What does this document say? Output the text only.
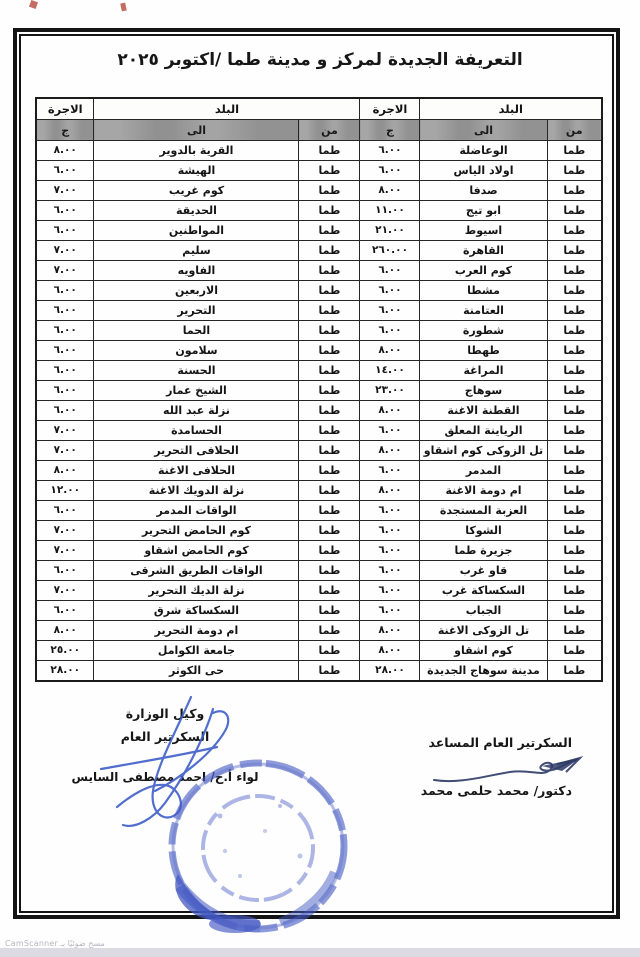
التعريفة الجديدة لمركز و مدينة طما /اكتوبر ٢٠٢٥
البلد		الاجرة	البلد		الاجرة
من	الى	ج	من	الى	ج
طما	الوعاضلة	٦.٠٠	طما	القرية بالدوير	٨.٠٠
طما	اولاد الياس	٦.٠٠	طما	الهيشة	٦.٠٠
طما	صدفا	٨.٠٠	طما	كوم غريب	٧.٠٠
طما	ابو تيج	١١.٠٠	طما	الحديقة	٦.٠٠
طما	اسيوط	٢١.٠٠	طما	المواطنين	٦.٠٠
طما	القاهرة	٢٦٠.٠٠	طما	سليم	٧.٠٠
طما	كوم العرب	٦.٠٠	طما	الفاويه	٧.٠٠
طما	مشطا	٦.٠٠	طما	الاربعين	٦.٠٠
طما	العتامنة	٦.٠٠	طما	التحرير	٦.٠٠
طما	شطورة	٦.٠٠	طما	الحما	٦.٠٠
طما	طهطا	٨.٠٠	طما	سلامون	٦.٠٠
طما	المراغة	١٤.٠٠	طما	الحسنة	٦.٠٠
طما	سوهاج	٢٣.٠٠	طما	الشيخ عمار	٦.٠٠
طما	القطنة الاغنة	٨.٠٠	طما	نزلة عبد الله	٦.٠٠
طما	الرياينة المعلق	٦.٠٠	طما	الحسامدة	٧.٠٠
طما	تل الزوكى كوم اشقاو	٨.٠٠	طما	الحلافى التحرير	٧.٠٠
طما	المدمر	٦.٠٠	طما	الحلافى الاغنة	٨.٠٠
طما	ام دومة الاغنة	٨.٠٠	طما	نزلة الدويك الاغنة	١٢.٠٠
طما	العزبة المستجدة	٦.٠٠	طما	الواقات المدمر	٦.٠٠
طما	الشوكا	٦.٠٠	طما	كوم الحامض التحرير	٧.٠٠
طما	جزيرة طما	٦.٠٠	طما	كوم الحامض اشقاو	٧.٠٠
طما	قاو غرب	٦.٠٠	طما	الواقات الطريق الشرقى	٦.٠٠
طما	السكساكة غرب	٦.٠٠	طما	نزلة الديك التحرير	٧.٠٠
طما	الجباب	٦.٠٠	طما	السكساكة شرق	٦.٠٠
طما	تل الزوكى الاغنة	٨.٠٠	طما	ام دومة التحرير	٨.٠٠
طما	كوم اشقاو	٨.٠٠	طما	جامعة الكوامل	٢٥.٠٠
طما	مدينة سوهاج الجديدة	٢٨.٠٠	طما	حى الكوثر	٢٨.٠٠
السكرتير العام المساعد
دكتور/ محمد حلمى محمد
وكيل الوزارة
السكرتير العام
لواء أ.ح/ احمد مصطفى السايس
مسح ضوئيًا بـ CamScanner
